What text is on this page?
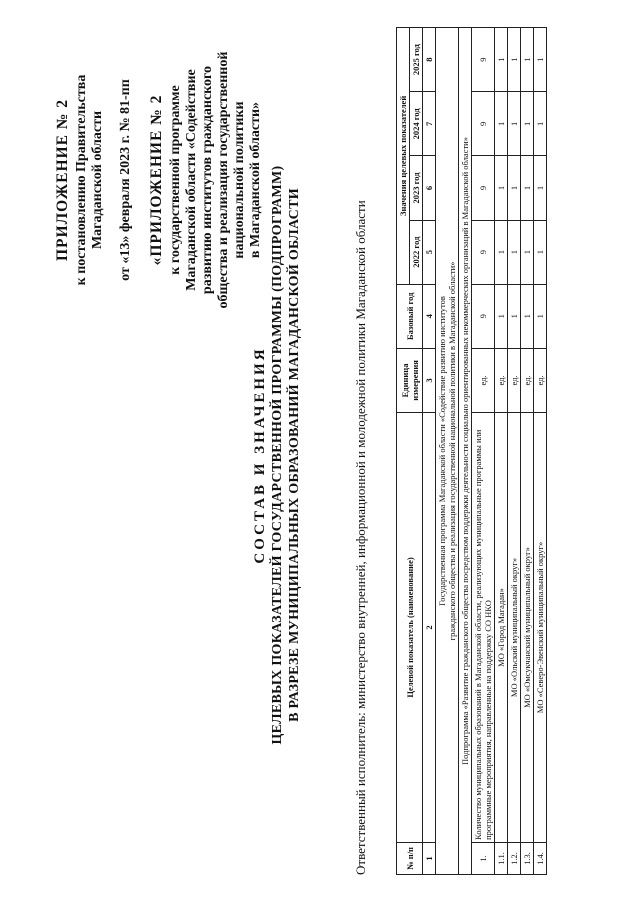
ПРИЛОЖЕНИЕ № 2 к постановлению Правительства Магаданской области от «13» февраля 2023 г. № 81-пп «ПРИЛОЖЕНИЕ № 2 к государственной программе Магаданской области «Содействие развитию институтов гражданского общества и реализация государственной национальной политики в Магаданской области»
СОСТАВ И ЗНАЧЕНИЯ ЦЕЛЕВЫХ ПОКАЗАТЕЛЕЙ ГОСУДАРСТВЕННОЙ ПРОГРАММЫ (ПОДПРОГРАММ) В РАЗРЕЗЕ МУНИЦИПАЛЬНЫХ ОБРАЗОВАНИЙ МАГАДАНСКОЙ ОБЛАСТИ	Ответственный исполнитель: министерство внутренней, информационной и молодежной политики Магаданской области	№ п/п	Целевой показатель (наименование)	Единица измерения	Базовый год	Значения целевых показателей			
				2022 год	2023 год	2024 год	2025 год
1	2	3	4	5	6	7	8

Государственная программа Магаданской области «Содействие развитию институтов гражданского общества и реализация государственной национальной политики в Магаданской области»							

Подпрограмма «Развитие гражданского общества посредством поддержки деятельности социально ориентированных некоммерческих организаций в Магаданской области»							
1.	Количество муниципальных образований в Магаданской области, реализующих муниципальные программы или программные мероприятия, направленные на поддержку СО НКО	ед.	9	9	9	9	9
1.1.	МО «Город Магадан»	ед.	1	1	1	1	1
1.2.	МО «Ольский муниципальный округ»	ед.	1	1	1	1	1
1.3.	МО «Омсукчанский муниципальный округ»	ед.	1	1	1	1	1
1.4.	МО «Северо-Эвенский муниципальный округ»	ед.	1	1	1	1	1
